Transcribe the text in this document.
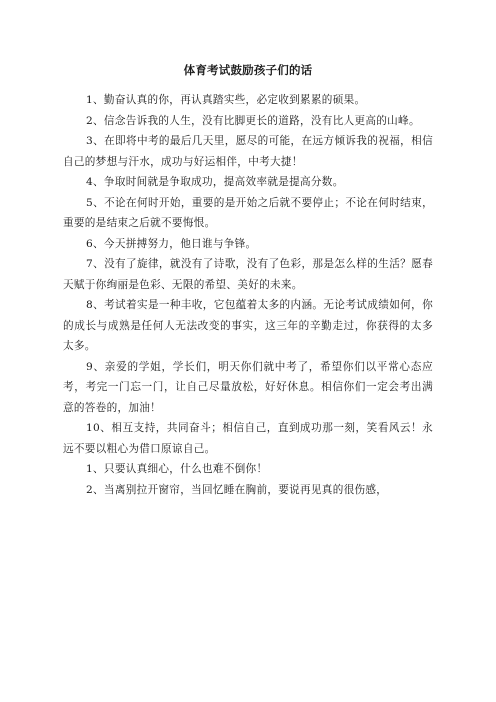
体育考试鼓励孩子们的话

1、勤奋认真的你，再认真踏实些，必定收到累累的硕果。

2、信念告诉我的人生，没有比脚更长的道路，没有比人更高的山峰。

3、在即将中考的最后几天里，愿尽的可能，在远方倾诉我的祝福，相信自己的梦想与汗水，成功与好运相伴，中考大捷！

4、争取时间就是争取成功，提高效率就是提高分数。

5、不论在何时开始，重要的是开始之后就不要停止；不论在何时结束，重要的是结束之后就不要悔恨。

6、今天拼搏努力，他日谁与争锋。

7、没有了旋律，就没有了诗歌，没有了色彩，那是怎么样的生活？愿春天赋于你绚丽是色彩、无限的希望、美好的未来。

8、考试着实是一种丰收，它包蕴着太多的内涵。无论考试成绩如何，你的成长与成熟是任何人无法改变的事实，这三年的辛勤走过，你获得的太多太多。

9、亲爱的学姐，学长们，明天你们就中考了，希望你们以平常心态应考，考完一门忘一门，让自己尽量放松，好好休息。相信你们一定会考出满意的答卷的，加油！

10、相互支持，共同奋斗；相信自己，直到成功那一刻，笑看风云！永远不要以粗心为借口原谅自己。

1、只要认真细心，什么也难不倒你！

2、当离别拉开窗帘，当回忆睡在胸前，要说再见真的很伤感，
